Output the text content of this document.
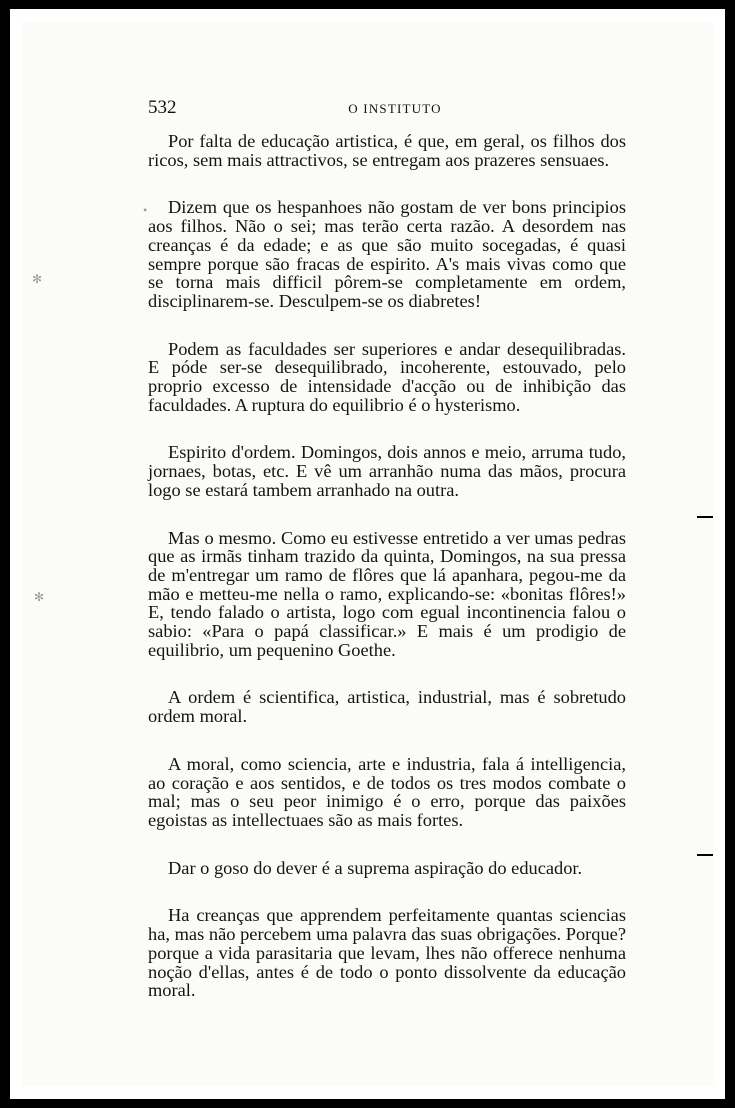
✻
✻
•
532	O INSTITUTO

Por falta de educação artistica, é que, em geral, os filhos dos ricos, sem mais attractivos, se entregam aos prazeres sensuaes.

Dizem que os hespanhoes não gostam de ver bons principios aos filhos. Não o sei; mas terão certa razão. A desordem nas creanças é da edade; e as que são muito socegadas, é quasi sempre porque são fracas de espirito. A's mais vivas como que se torna mais difficil pôrem-se completamente em ordem, disciplinarem-se. Desculpem-se os diabretes!

Podem as faculdades ser superiores e andar desequilibradas. E póde ser-se desequilibrado, incoherente, estouvado, pelo proprio excesso de intensidade d'acção ou de inhibição das faculdades. A ruptura do equilibrio é o hysterismo.

Espirito d'ordem. Domingos, dois annos e meio, arruma tudo, jornaes, botas, etc. E vê um arranhão numa das mãos, procura logo se estará tambem arranhado na outra.

Mas o mesmo. Como eu estivesse entretido a ver umas pedras que as irmãs tinham trazido da quinta, Domingos, na sua pressa de m'entregar um ramo de flôres que lá apanhara, pegou-me da mão e metteu-me nella o ramo, explicando-se: «bonitas flôres!» E, tendo falado o artista, logo com egual incontinencia falou o sabio: «Para o papá classificar.» E mais é um prodigio de equilibrio, um pequenino Goethe.

A ordem é scientifica, artistica, industrial, mas é sobretudo ordem moral.

A moral, como sciencia, arte e industria, fala á intelligencia, ao coração e aos sentidos, e de todos os tres modos combate o mal; mas o seu peor inimigo é o erro, porque das paixões egoistas as intellectuaes são as mais fortes.

Dar o goso do dever é a suprema aspiração do educador.

Ha creanças que apprendem perfeitamente quantas sciencias ha, mas não percebem uma palavra das suas obrigações. Porque? porque a vida parasitaria que levam, lhes não offerece nenhuma noção d'ellas, antes é de todo o ponto dissolvente da educação moral.
